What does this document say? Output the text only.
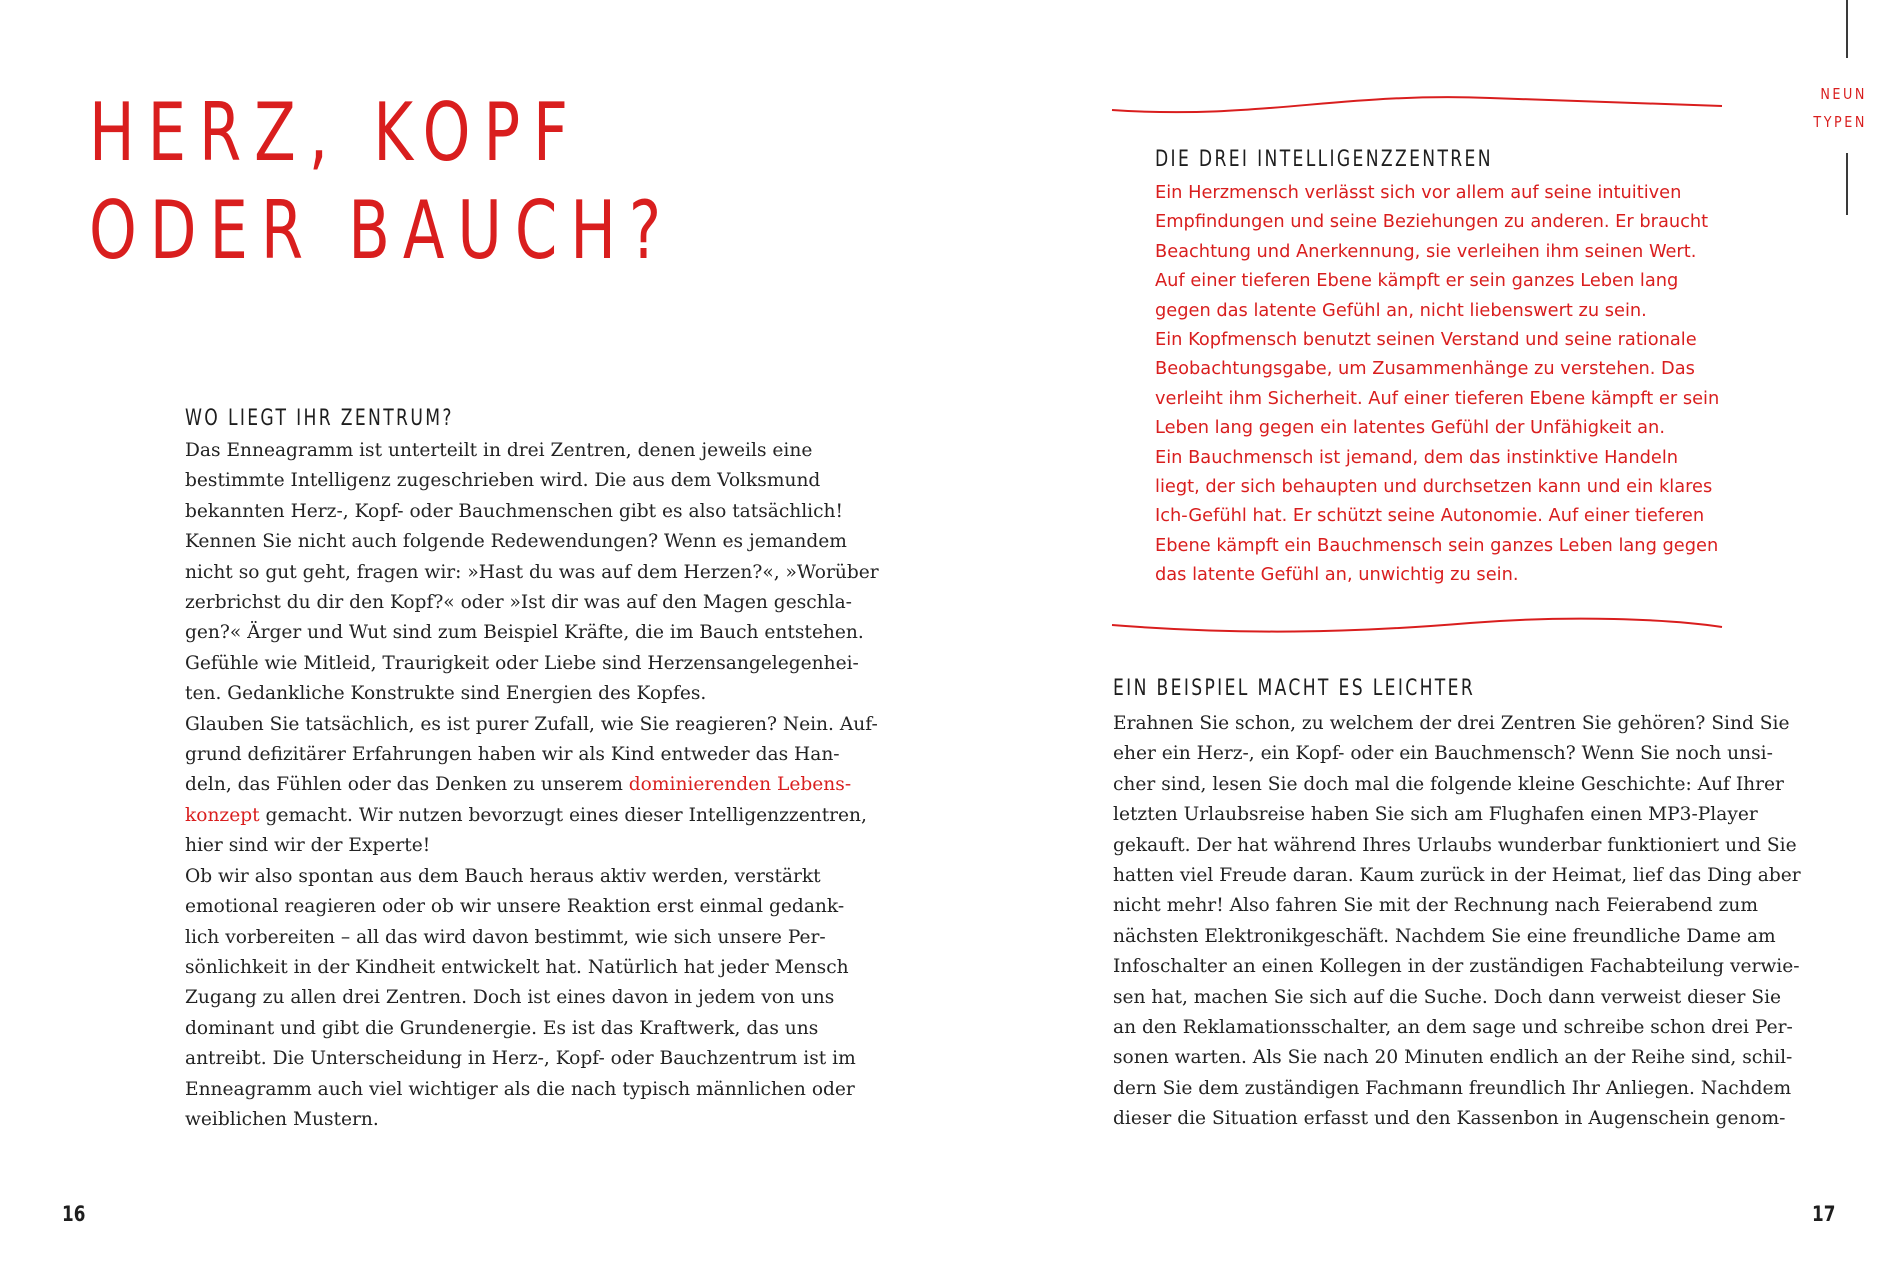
HERZ, KOPF
ODER BAUCH?
WO LIEGT IHR ZENTRUM?
Das Enneagramm ist unterteilt in drei Zentren, denen jeweils eine
bestimmte Intelligenz zugeschrieben wird. Die aus dem Volksmund
bekannten Herz-, Kopf- oder Bauchmenschen gibt es also tatsächlich!
Kennen Sie nicht auch folgende Redewendungen? Wenn es jemandem
nicht so gut geht, fragen wir: »Hast du was auf dem Herzen?«, »Worüber
zerbrichst du dir den Kopf?« oder »Ist dir was auf den Magen geschla-
gen?« Ärger und Wut sind zum Beispiel Kräfte, die im Bauch entstehen.
Gefühle wie Mitleid, Traurigkeit oder Liebe sind Herzensangelegenhei-
ten. Gedankliche Konstrukte sind Energien des Kopfes.
Glauben Sie tatsächlich, es ist purer Zufall, wie Sie reagieren? Nein. Auf-
grund defizitärer Erfahrungen haben wir als Kind entweder das Han-
deln, das Fühlen oder das Denken zu unserem dominierenden Lebens-
konzept gemacht. Wir nutzen bevorzugt eines dieser Intelligenzzentren,
hier sind wir der Experte!
Ob wir also spontan aus dem Bauch heraus aktiv werden, verstärkt
emotional reagieren oder ob wir unsere Reaktion erst einmal gedank-
lich vorbereiten – all das wird davon bestimmt, wie sich unsere Per-
sönlichkeit in der Kindheit entwickelt hat. Natürlich hat jeder Mensch
Zugang zu allen drei Zentren. Doch ist eines davon in jedem von uns
dominant und gibt die Grundenergie. Es ist das Kraftwerk, das uns
antreibt. Die Unterscheidung in Herz-, Kopf- oder Bauchzentrum ist im
Enneagramm auch viel wichtiger als die nach typisch männlichen oder
weiblichen Mustern.
16
NEUN
TYPEN
DIE DREI INTELLIGENZZENTREN
Ein Herzmensch verlässt sich vor allem auf seine intuitiven
Empfindungen und seine Beziehungen zu anderen. Er braucht
Beachtung und Anerkennung, sie verleihen ihm seinen Wert.
Auf einer tieferen Ebene kämpft er sein ganzes Leben lang
gegen das latente Gefühl an, nicht liebenswert zu sein.
Ein Kopfmensch benutzt seinen Verstand und seine rationale
Beobachtungsgabe, um Zusammenhänge zu verstehen. Das
verleiht ihm Sicherheit. Auf einer tieferen Ebene kämpft er sein
Leben lang gegen ein latentes Gefühl der Unfähigkeit an.
Ein Bauchmensch ist jemand, dem das instinktive Handeln
liegt, der sich behaupten und durchsetzen kann und ein klares
Ich-Gefühl hat. Er schützt seine Autonomie. Auf einer tieferen
Ebene kämpft ein Bauchmensch sein ganzes Leben lang gegen
das latente Gefühl an, unwichtig zu sein.
EIN BEISPIEL MACHT ES LEICHTER
Erahnen Sie schon, zu welchem der drei Zentren Sie gehören? Sind Sie
eher ein Herz-, ein Kopf- oder ein Bauchmensch? Wenn Sie noch unsi-
cher sind, lesen Sie doch mal die folgende kleine Geschichte: Auf Ihrer
letzten Urlaubsreise haben Sie sich am Flughafen einen MP3-Player
gekauft. Der hat während Ihres Urlaubs wunderbar funktioniert und Sie
hatten viel Freude daran. Kaum zurück in der Heimat, lief das Ding aber
nicht mehr! Also fahren Sie mit der Rechnung nach Feierabend zum
nächsten Elektronikgeschäft. Nachdem Sie eine freundliche Dame am
Infoschalter an einen Kollegen in der zuständigen Fachabteilung verwie-
sen hat, machen Sie sich auf die Suche. Doch dann verweist dieser Sie
an den Reklamationsschalter, an dem sage und schreibe schon drei Per-
sonen warten. Als Sie nach 20 Minuten endlich an der Reihe sind, schil-
dern Sie dem zuständigen Fachmann freundlich Ihr Anliegen. Nachdem
dieser die Situation erfasst und den Kassenbon in Augenschein genom-
17
